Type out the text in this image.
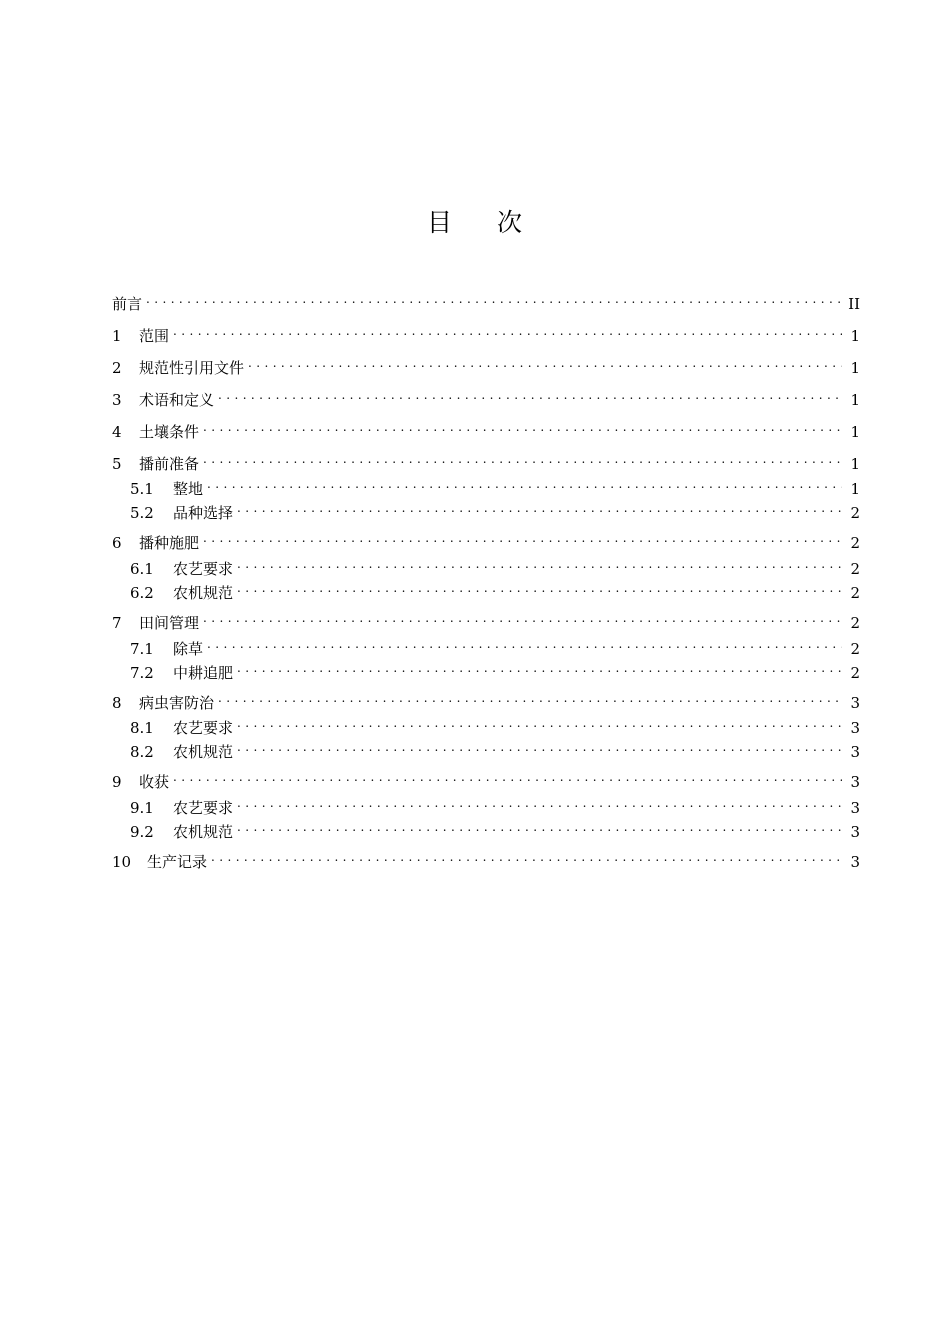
目 次
前言 . . .	II
1	范围 . . .	1
2	规范性引用文件 . . .	1
3	术语和定义 . . .	1
4	土壤条件 . . .	1
5	播前准备 . . .	1
5.1	整地 . . .	1
5.2	品种选择 . . .	2
6	播种施肥 . . .	2
6.1	农艺要求 . . .	2
6.2	农机规范 . . .	2
7	田间管理 . . .	2
7.1	除草 . . .	2
7.2	中耕追肥 . . .	2
8	病虫害防治 . . .	3
8.1	农艺要求 . . .	3
8.2	农机规范 . . .	3
9	收获 . . .	3
9.1	农艺要求 . . .	3
9.2	农机规范 . . .	3
10	生产记录 . . .	3
